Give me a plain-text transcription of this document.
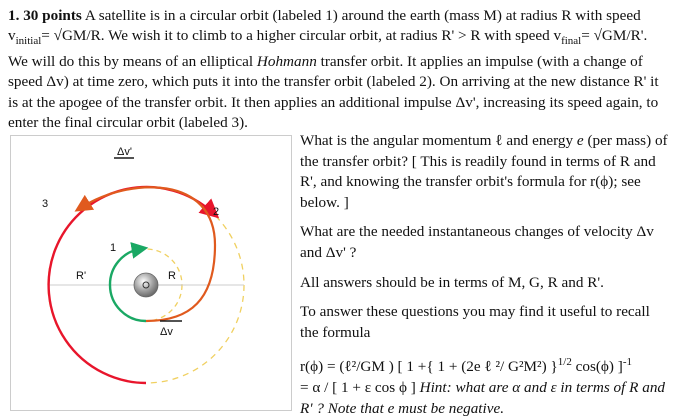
1. 30 points A satellite is in a circular orbit (labeled 1) around the earth (mass M) at radius R with speed $v_{initial}= √GM/R$. We wish it to climb to a higher circular orbit, at radius R' > R with speed $v_{final}= √GM/R'$. We will do this by means of an elliptical Hohmann transfer orbit. It applies an impulse (with a change of speed Δv) at time zero, which puts it into the transfer orbit (labeled 2). On arriving at the new distance R' it is at the apogee of the transfer orbit. It then applies an additional impulse Δv', increasing its speed again, to enter the final circular orbit (labeled 3).
3
2
1
R
R'
Δv
Δv'

What is the angular momentum ℓ and energy e (per mass) of the transfer orbit? [ This is readily found in terms of R and R', and knowing the transfer orbit's formula for r(ϕ); see below. ]

What are the needed instantaneous changes of velocity Δv and Δv' ?

All answers should be in terms of M, G, R and R'.

To answer these questions you may find it useful to recall the formula

r(ϕ) = (ℓ²/GM ) [ 1 +{ 1 + (2e ℓ ²/ G²M²) }$^{1/2}$ cos(ϕ) ]$^{-1}$
= α / [ 1 + ε cos ϕ ] Hint: what are α and ε in terms of R and R' ? Note that e must be negative.
